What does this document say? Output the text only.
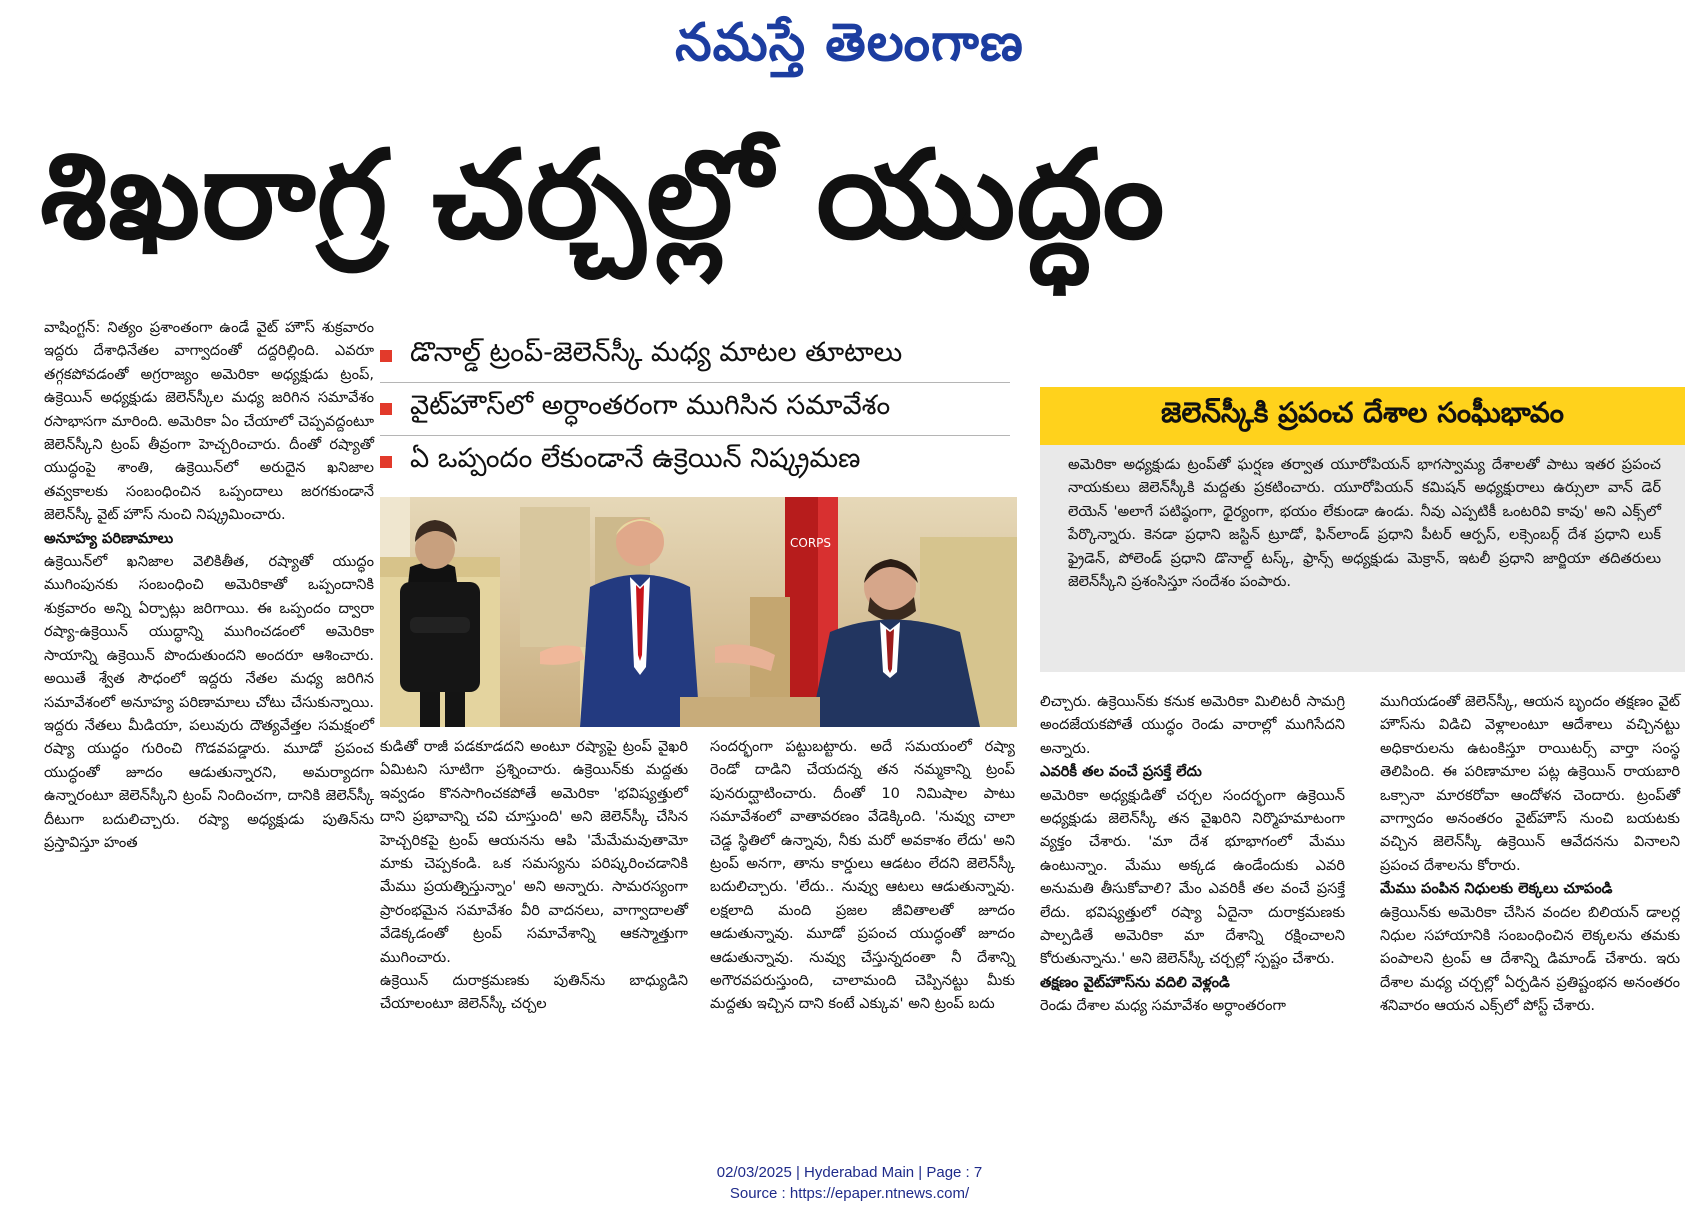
నమస్తే తెలంగాణ
శిఖరాగ్ర చర్చల్లో యుద్ధం

వాషింగ్టన్‌: నిత్యం ప్రశాంతంగా ఉండే వైట్‌ హౌస్‌ శుక్రవారం ఇద్దరు దేశాధినేతల వాగ్వాదంతో దద్దరిల్లింది. ఎవరూ తగ్గకపోవడంతో అగ్రరాజ్యం అమెరికా అధ్యక్షుడు ట్రంప్‌, ఉక్రెయిన్‌ అధ్యక్షుడు జెలెన్‌స్కీల మధ్య జరిగిన సమావేశం రసాభాసగా మారింది. అమెరికా ఏం చేయాలో చెప్పవద్దంటూ జెలెన్‌స్కీని ట్రంప్‌ తీవ్రంగా హెచ్చరించారు. దీంతో రష్యాతో యుద్ధంపై శాంతి, ఉక్రెయిన్‌లో అరుదైన ఖనిజాల తవ్వకాలకు సంబంధించిన ఒప్పందాలు జరగకుండానే జెలెన్‌స్కీ వైట్‌ హౌస్‌ నుంచి నిష్క్రమించారు.

అనూహ్య పరిణామాలు

ఉక్రెయిన్‌లో ఖనిజాల వెలికితీత, రష్యాతో యుద్ధం ముగింపునకు సంబంధించి అమెరికాతో ఒప్పందానికి శుక్రవారం అన్ని ఏర్పాట్లు జరిగాయి. ఈ ఒప్పందం ద్వారా రష్యా-ఉక్రెయిన్‌ యుద్ధాన్ని ముగించడంలో అమెరికా సాయాన్ని ఉక్రెయిన్‌ పొందుతుందని అందరూ ఆశించారు. అయితే శ్వేత సౌధంలో ఇద్దరు నేతల మధ్య జరిగిన సమావేశంలో అనూహ్య పరిణామాలు చోటు చేసుకున్నాయి. ఇద్దరు నేతలు మీడియా, పలువురు దౌత్యవేత్తల సమక్షంలో రష్యా యుద్ధం గురించి గొడవపడ్డారు. మూడో ప్రపంచ యుద్ధంతో జూదం ఆడుతున్నారని, అమర్యాదగా ఉన్నారంటూ జెలెన్‌స్కీని ట్రంప్‌ నిందించగా, దానికి జెలెన్‌స్కీ దీటుగా బదులిచ్చారు. రష్యా అధ్యక్షుడు పుతిన్‌ను ప్రస్తావిస్తూ హంత

డొనాల్డ్ ట్రంప్‌-జెలెన్‌స్కీ మధ్య మాటల తూటాలు
వైట్‌హౌస్‌లో అర్ధాంతరంగా ముగిసిన సమావేశం
ఏ ఒప్పందం లేకుండానే ఉక్రెయిన్‌ నిష్క్రమణ
CORPS
జెలెన్‌స్కీకి ప్రపంచ దేశాల సంఘీభావం

అమెరికా అధ్యక్షుడు ట్రంప్‌తో ఘర్షణ తర్వాత యూరోపియన్‌ భాగస్వామ్య దేశాలతో పాటు ఇతర ప్రపంచ నాయకులు జెలెన్‌స్కీకి మద్దతు ప్రకటించారు. యూరోపియన్‌ కమిషన్‌ అధ్యక్షురాలు ఉర్సులా వాన్‌ డెర్‌ లెయెన్‌ 'అలాగే పటిష్ఠంగా, ధైర్యంగా, భయం లేకుండా ఉండు. నీవు ఎప్పటికీ ఒంటరివి కావు' అని ఎక్స్‌లో పేర్కొన్నారు. కెనడా ప్రధాని జస్టిన్‌ ట్రూడో, ఫిన్‌లాండ్‌ ప్రధాని పీటర్‌ ఆర్పస్‌, లక్సెంబర్గ్‌ దేశ ప్రధాని లుక్‌ ఫ్రైడెన్‌, పోలెండ్‌ ప్రధాని డొనాల్డ్‌ టస్క్‌, ఫ్రాన్స్‌ అధ్యక్షుడు మెక్రాన్‌, ఇటలీ ప్రధాని జార్జియా తదితరులు జెలెన్‌స్కీని ప్రశంసిస్తూ సందేశం పంపారు.

కుడితో రాజీ పడకూడదని అంటూ రష్యాపై ట్రంప్‌ వైఖరి ఏమిటని సూటిగా ప్రశ్నించారు. ఉక్రెయిన్‌కు మద్దతు ఇవ్వడం కొనసాగించకపోతే అమెరికా 'భవిష్యత్తులో దాని ప్రభావాన్ని చవి చూస్తుంది' అని జెలెన్‌స్కీ చేసిన హెచ్చరికపై ట్రంప్‌ ఆయనను ఆపి 'మేమేమవుతామో మాకు చెప్పకండి. ఒక సమస్యను పరిష్కరించడానికి మేము ప్రయత్నిస్తున్నాం' అని అన్నారు. సామరస్యంగా ప్రారంభమైన సమావేశం వీరి వాదనలు, వాగ్వాదాలతో వేడెక్కడంతో ట్రంప్‌ సమావేశాన్ని ఆకస్మాత్తుగా ముగించారు.

ఉక్రెయిన్‌ దురాక్రమణకు పుతిన్‌ను బాధ్యుడిని చేయాలంటూ జెలెన్‌స్కీ చర్చల

సందర్భంగా పట్టుబట్టారు. అదే సమయంలో రష్యా రెండో దాడిని చేయదన్న తన నమ్మకాన్ని ట్రంప్‌ పునరుద్ఘాటించారు. దీంతో 10 నిమిషాల పాటు సమావేశంలో వాతావరణం వేడెక్కింది. 'నువ్వు చాలా చెడ్డ స్థితిలో ఉన్నావు, నీకు మరో అవకాశం లేదు' అని ట్రంప్‌ అనగా, తాను కార్డులు ఆడటం లేదని జెలెన్‌స్కీ బదులిచ్చారు. 'లేదు.. నువ్వు ఆటలు ఆడుతున్నావు. లక్షలాది మంది ప్రజల జీవితాలతో జూదం ఆడుతున్నావు. మూడో ప్రపంచ యుద్ధంతో జూదం ఆడుతున్నావు. నువ్వు చేస్తున్నదంతా నీ దేశాన్ని అగౌరవపరుస్తుంది, చాలామంది చెప్పినట్టు మీకు మద్దతు ఇచ్చిన దాని కంటే ఎక్కువ' అని ట్రంప్‌ బదు

లిచ్చారు. ఉక్రెయిన్‌కు కనుక అమెరికా మిలిటరీ సామగ్రి అందజేయకపోతే యుద్ధం రెండు వారాల్లో ముగిసేదని అన్నారు.

ఎవరికీ తల వంచే ప్రసక్తే లేదు

అమెరికా అధ్యక్షుడితో చర్చల సందర్భంగా ఉక్రెయిన్‌ అధ్యక్షుడు జెలెన్‌స్కీ తన వైఖరిని నిర్మొహమాటంగా వ్యక్తం చేశారు. 'మా దేశ భూభాగంలో మేము ఉంటున్నాం. మేము అక్కడ ఉండేందుకు ఎవరి అనుమతి తీసుకోవాలి? మేం ఎవరికీ తల వంచే ప్రసక్తే లేదు. భవిష్యత్తులో రష్యా ఏదైనా దురాక్రమణకు పాల్పడితే అమెరికా మా దేశాన్ని రక్షించాలని కోరుతున్నాను.' అని జెలెన్‌స్కీ చర్చల్లో స్పష్టం చేశారు.

తక్షణం వైట్‌హౌస్‌ను వదిలి వెళ్లండి

రెండు దేశాల మధ్య సమావేశం అర్ధాంతరంగా

ముగియడంతో జెలెన్‌స్కీ, ఆయన బృందం తక్షణం వైట్‌ హౌస్‌ను విడిచి వెళ్లాలంటూ ఆదేశాలు వచ్చినట్టు అధికారులను ఉటంకిస్తూ రాయిటర్స్‌ వార్తా సంస్థ తెలిపింది. ఈ పరిణామాల పట్ల ఉక్రెయిన్‌ రాయబారి ఒక్సానా మారకరోవా ఆందోళన చెందారు. ట్రంప్‌తో వాగ్వాదం అనంతరం వైట్‌హౌస్‌ నుంచి బయటకు వచ్చిన జెలెన్‌స్కీ ఉక్రెయిన్‌ ఆవేదనను వినాలని ప్రపంచ దేశాలను కోరారు.

మేము పంపిన నిధులకు లెక్కలు చూపండి

ఉక్రెయిన్‌కు అమెరికా చేసిన వందల బిలియన్‌ డాలర్ల నిధుల సహాయానికి సంబంధించిన లెక్కలను తమకు పంపాలని ట్రంప్‌ ఆ దేశాన్ని డిమాండ్‌ చేశారు. ఇరు దేశాల మధ్య చర్చల్లో ఏర్పడిన ప్రతిష్టంభన అనంతరం శనివారం ఆయన ఎక్స్‌లో పోస్ట్‌ చేశారు.

02/03/2025 | Hyderabad Main | Page : 7
Source : https://epaper.ntnews.com/
